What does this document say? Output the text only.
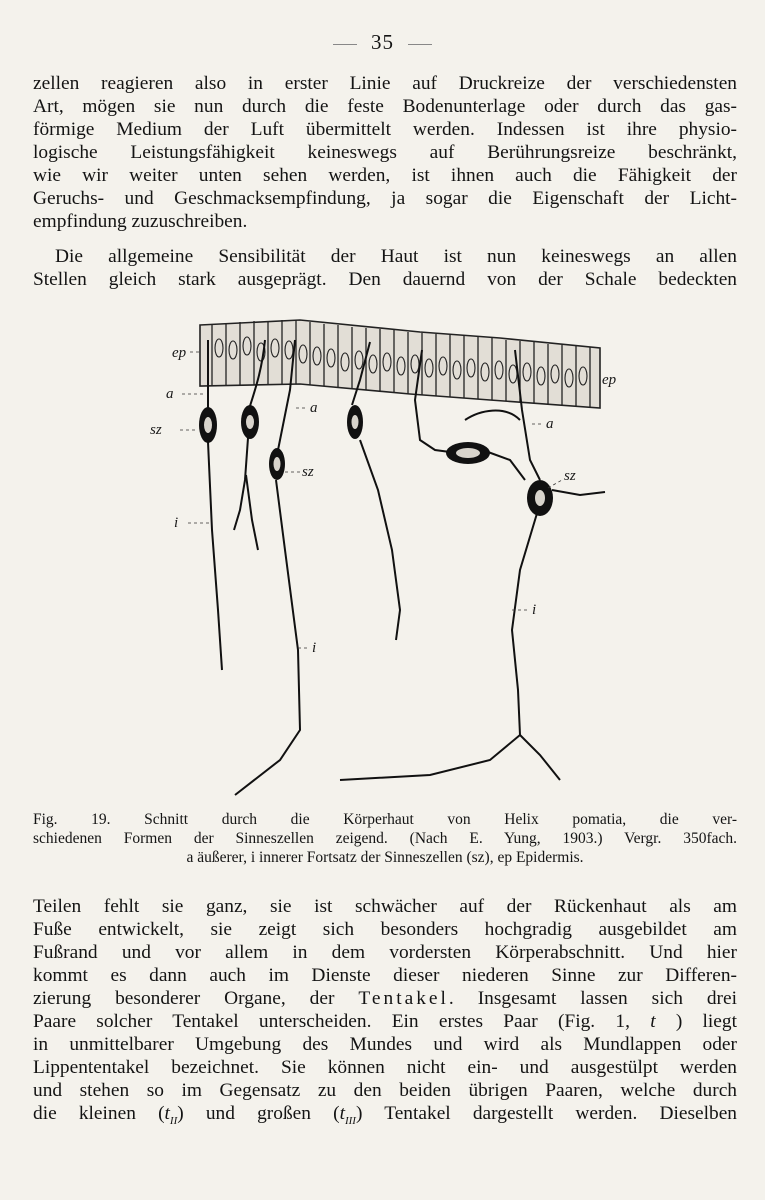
35

zellen reagieren also in erster Linie auf Druckreize der verschiedensten
Art, mögen sie nun durch die feste Bodenunterlage oder durch das gas-
förmige Medium der Luft übermittelt werden. Indessen ist ihre physio-
logische Leistungsfähigkeit keineswegs auf Berührungsreize beschränkt,
wie wir weiter unten sehen werden, ist ihnen auch die Fähigkeit der
Geruchs- und Geschmacksempfindung, ja sogar die Eigenschaft der Licht-
empfindung zuzuschreiben.

Die allgemeine Sensibilität der Haut ist nun keineswegs an allen
Stellen gleich stark ausgeprägt. Den dauernd von der Schale bedeckten

ep
ep
a
a
a
sz
sz	sz
i
i
i
Fig. 19. Schnitt durch die Körperhaut von Helix pomatia, die ver-
schiedenen Formen der Sinneszellen zeigend. (Nach E. Yung, 1903.) Vergr. 350fach.
a äußerer, i innerer Fortsatz der Sinneszellen (sz), ep Epidermis.

Teilen fehlt sie ganz, sie ist schwächer auf der Rückenhaut als am
Fuße entwickelt, sie zeigt sich besonders hochgradig ausgebildet am
Fußrand und vor allem in dem vordersten Körperabschnitt. Und hier
kommt es dann auch im Dienste dieser niederen Sinne zur Differen-
zierung besonderer Organe, der Tentakel. Insgesamt lassen sich drei
Paare solcher Tentakel unterscheiden. Ein erstes Paar (Fig. 1, t ) liegt
in unmittelbarer Umgebung des Mundes und wird als Mundlappen oder
Lippententakel bezeichnet. Sie können nicht ein- und ausgestülpt werden
und stehen so im Gegensatz zu den beiden übrigen Paaren, welche durch
die kleinen $(t_{II})$ und großen $(t_{III})$ Tentakel dargestellt werden. Dieselben
